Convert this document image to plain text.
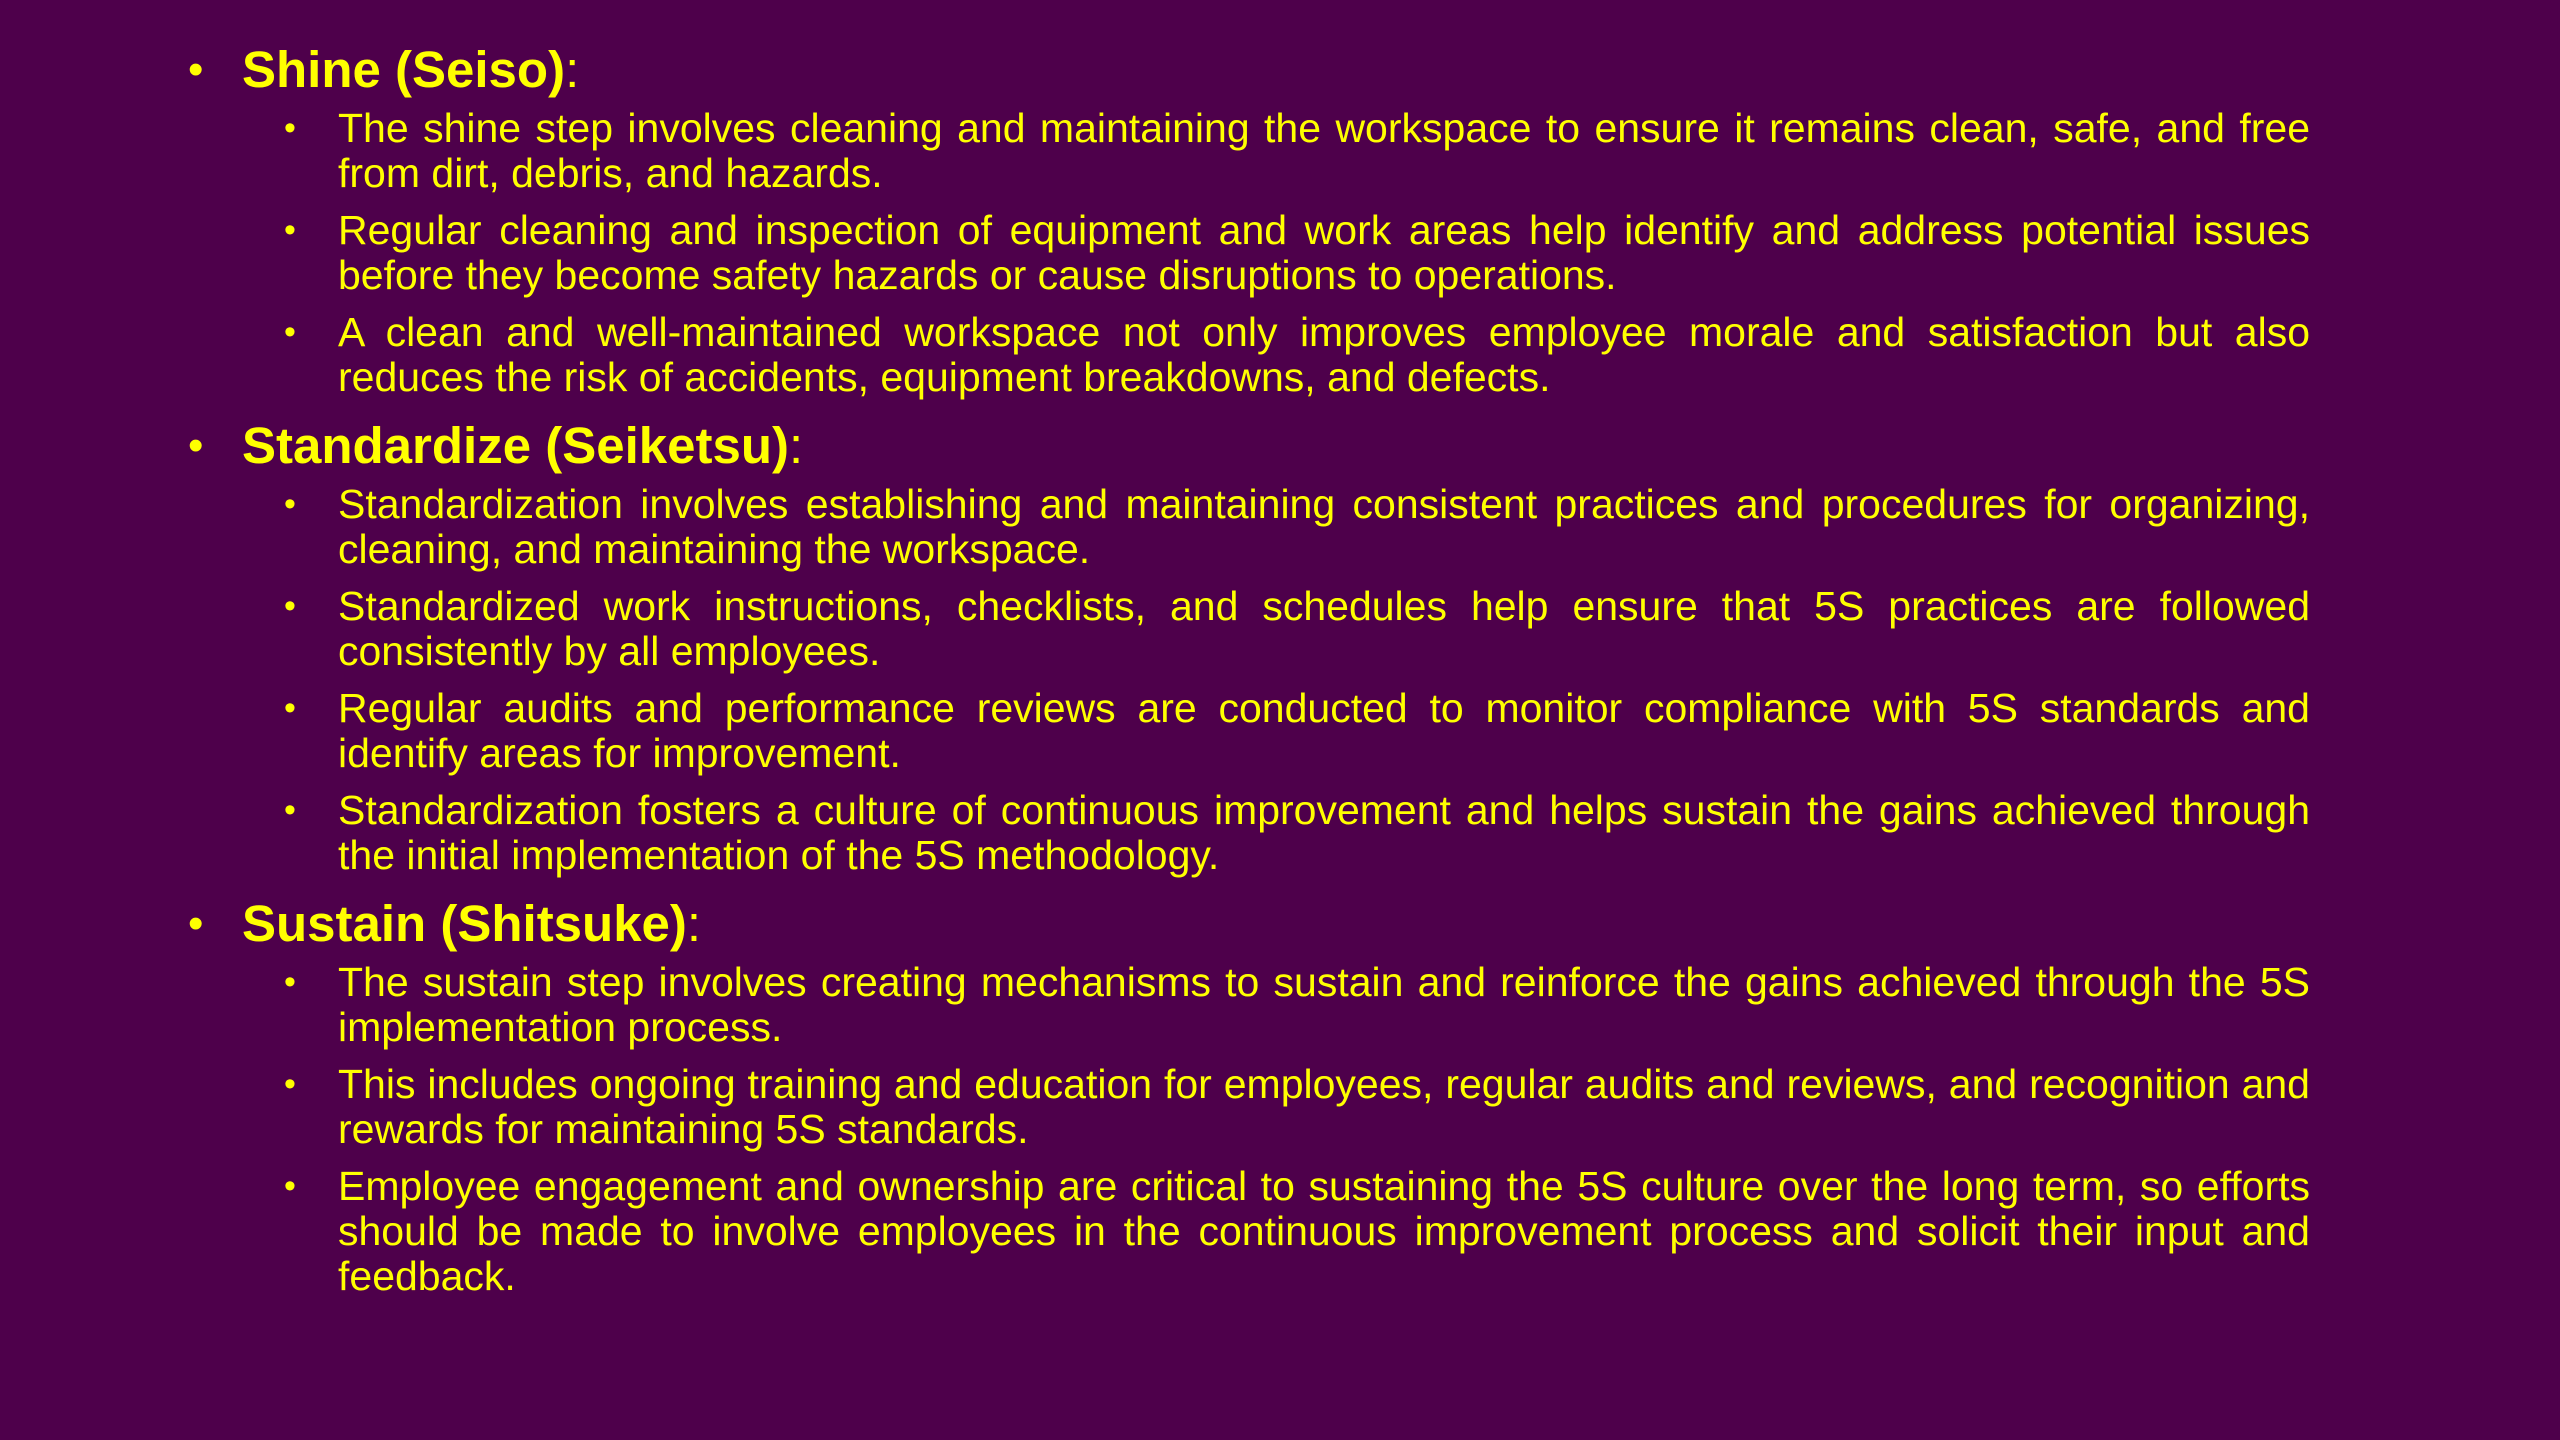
• Shine (Seiso):
• The shine step involves cleaning and maintaining the workspace to ensure it remains clean, safe, and free from dirt, debris, and hazards.
• Regular cleaning and inspection of equipment and work areas help identify and address potential issues before they become safety hazards or cause disruptions to operations.
• A clean and well-maintained workspace not only improves employee morale and satisfaction but also reduces the risk of accidents, equipment breakdowns, and defects.
• Standardize (Seiketsu):
• Standardization involves establishing and maintaining consistent practices and procedures for organizing, cleaning, and maintaining the workspace.
• Standardized work instructions, checklists, and schedules help ensure that 5S practices are followed consistently by all employees.
• Regular audits and performance reviews are conducted to monitor compliance with 5S standards and identify areas for improvement.
• Standardization fosters a culture of continuous improvement and helps sustain the gains achieved through the initial implementation of the 5S methodology.
• Sustain (Shitsuke):
• The sustain step involves creating mechanisms to sustain and reinforce the gains achieved through the 5S implementation process.
• This includes ongoing training and education for employees, regular audits and reviews, and recognition and rewards for maintaining 5S standards.
• Employee engagement and ownership are critical to sustaining the 5S culture over the long term, so efforts should be made to involve employees in the continuous improvement process and solicit their input and feedback.
